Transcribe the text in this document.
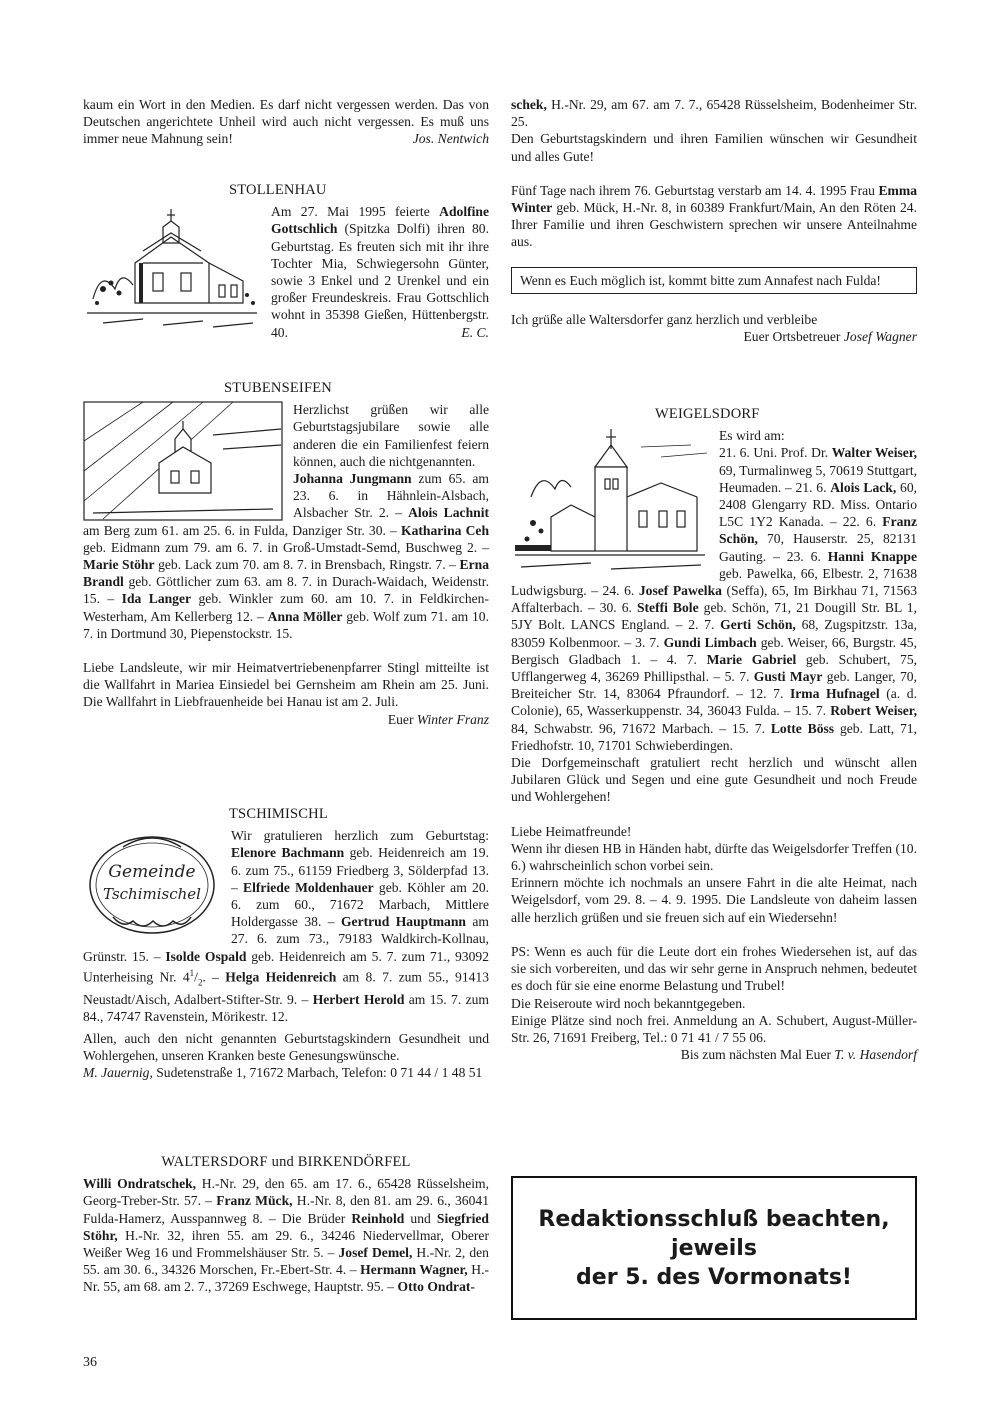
kaum ein Wort in den Medien. Es darf nicht vergessen werden. Das von Deutschen angerichtete Unheil wird auch nicht vergessen. Es muß uns immer neue Mahnung sein!	Jos. Nentwich

STOLLENHAU

Am 27. Mai 1995 feierte Adolfine Gottschlich (Spitzka Dolfi) ihren 80. Geburtstag. Es freuten sich mit ihr ihre Tochter Mia, Schwiegersohn Günter, sowie 3 Enkel und 2 Urenkel und ein großer Freundeskreis. Frau Gottschlich wohnt in 35398 Gießen, Hüttenbergstr. 40.	E. C.

STUBENSEIFEN

Herzlichst grüßen wir alle Geburtstagsjubilare sowie alle anderen die ein Familienfest feiern können, auch die nichtgenannten.
Johanna Jungmann zum 65. am 23. 6. in Hähnlein-Alsbach, Alsbacher Str. 2. – Alois Lachnit am Berg zum 61. am 25. 6. in Fulda, Danziger Str. 30. – Katharina Ceh geb. Eidmann zum 79. am 6. 7. in Groß-Umstadt-Semd, Buschweg 2. – Marie Stöhr geb. Lack zum 70. am 8. 7. in Brensbach, Ringstr. 7. – Erna Brandl geb. Göttlicher zum 63. am 8. 7. in Durach-Waidach, Weidenstr. 15. – Ida Langer geb. Winkler zum 60. am 10. 7. in Feldkirchen-Westerham, Am Kellerberg 12. – Anna Möller geb. Wolf zum 71. am 10. 7. in Dortmund 30, Piepenstockstr. 15.

Liebe Landsleute, wir mir Heimatvertriebenenpfarrer Stingl mitteilte ist die Wallfahrt in Mariea Einsiedel bei Gernsheim am Rhein am 25. Juni. Die Wallfahrt in Liebfrauenheide bei Hanau ist am 2. Juli.
Euer Winter Franz

TSCHIMISCHL
Gemeinde
Tschimischel

Wir gratulieren herzlich zum Geburtstag: Elenore Bachmann geb. Heidenreich am 19. 6. zum 75., 61159 Friedberg 3, Sölderpfad 13. – Elfriede Moldenhauer geb. Köhler am 20. 6. zum 60., 71672 Marbach, Mittlere Holdergasse 38. – Gertrud Hauptmann am 27. 6. zum 73., 79183 Waldkirch-Kollnau, Grünstr. 15. – Isolde Ospald geb. Heidenreich am 5. 7. zum 71., 93092 Unterheising Nr. $4^1/_2$. – Helga Heidenreich am 8. 7. zum 55., 91413 Neustadt/Aisch, Adalbert-Stifter-Str. 9. – Herbert Herold am 15. 7. zum 84., 74747 Ravenstein, Mörikestr. 12.

Allen, auch den nicht genannten Geburtstagskindern Gesundheit und Wohlergehen, unseren Kranken beste Genesungswünsche.
M. Jauernig, Sudetenstraße 1, 71672 Marbach, Telefon: 0 71 44 / 1 48 51

WALTERSDORF und BIRKENDÖRFEL

Willi Ondratschek, H.-Nr. 29, den 65. am 17. 6., 65428 Rüsselsheim, Georg-Treber-Str. 57. – Franz Mück, H.-Nr. 8, den 81. am 29. 6., 36041 Fulda-Hamerz, Ausspannweg 8. – Die Brüder Reinhold und Siegfried Stöhr, H.-Nr. 32, ihren 55. am 29. 6., 34246 Niedervellmar, Oberer Weißer Weg 16 und Frommelshäuser Str. 5. – Josef Demel, H.-Nr. 2, den 55. am 30. 6., 34326 Morschen, Fr.-Ebert-Str. 4. – Hermann Wagner, H.-Nr. 55, am 68. am 2. 7., 37269 Eschwege, Hauptstr. 95. – Otto Ondrat-

36

schek, H.-Nr. 29, am 67. am 7. 7., 65428 Rüsselsheim, Bodenheimer Str. 25.
Den Geburtstagskindern und ihren Familien wünschen wir Gesundheit und alles Gute!

Fünf Tage nach ihrem 76. Geburtstag verstarb am 14. 4. 1995 Frau Emma Winter geb. Mück, H.-Nr. 8, in 60389 Frankfurt/Main, An den Röten 24. Ihrer Familie und ihren Geschwistern sprechen wir unsere Anteilnahme aus.

Wenn es Euch möglich ist, kommt bitte zum Annafest nach Fulda!

Ich grüße alle Waltersdorfer ganz herzlich und verbleibe

Euer Ortsbetreuer Josef Wagner

WEIGELSDORF

Es wird am:
21. 6. Uni. Prof. Dr. Walter Weiser, 69, Turmalinweg 5, 70619 Stuttgart, Heumaden. – 21. 6. Alois Lack, 60, 2408 Glengarry RD. Miss. Ontario L5C 1Y2 Kanada. – 22. 6. Franz Schön, 70, Hauserstr. 25, 82131 Gauting. – 23. 6. Hanni Knappe geb. Pawelka, 66, Elbestr. 2, 71638 Ludwigsburg. – 24. 6. Josef Pawelka (Seffa), 65, Im Birkhau 71, 71563 Affalterbach. – 30. 6. Steffi Bole geb. Schön, 71, 21 Dougill Str. BL 1, 5JY Bolt. LANCS England. – 2. 7. Gerti Schön, 68, Zugspitzstr. 13a, 83059 Kolbenmoor. – 3. 7. Gundi Limbach geb. Weiser, 66, Burgstr. 45, Bergisch Gladbach 1. – 4. 7. Marie Gabriel geb. Schubert, 75, Ufflangerweg 4, 36269 Phillipsthal. – 5. 7. Gusti Mayr geb. Langer, 70, Breiteicher Str. 14, 83064 Pfraundorf. – 12. 7. Irma Hufnagel (a. d. Colonie), 65, Wasserkuppenstr. 34, 36043 Fulda. – 15. 7. Robert Weiser, 84, Schwabstr. 96, 71672 Marbach. – 15. 7. Lotte Böss geb. Latt, 71, Friedhofstr. 10, 71701 Schwieberdingen.
Die Dorfgemeinschaft gratuliert recht herzlich und wünscht allen Jubilaren Glück und Segen und eine gute Gesundheit und noch Freude und Wohlergehen!

Liebe Heimatfreunde!

Wenn ihr diesen HB in Händen habt, dürfte das Weigelsdorfer Treffen (10. 6.) wahrscheinlich schon vorbei sein.
Erinnern möchte ich nochmals an unsere Fahrt in die alte Heimat, nach Weigelsdorf, vom 29. 8. – 4. 9. 1995. Die Landsleute von daheim lassen alle herzlich grüßen und sie freuen sich auf ein Wiedersehn!

PS: Wenn es auch für die Leute dort ein frohes Wiedersehen ist, auf das sie sich vorbereiten, und das wir sehr gerne in Anspruch nehmen, bedeutet es doch für sie eine enorme Belastung und Trubel!
Die Reiseroute wird noch bekanntgegeben.
Einige Plätze sind noch frei. Anmeldung an A. Schubert, August-Müller-Str. 26, 71691 Freiberg, Tel.: 0 71 41 / 7 55 06.

Bis zum nächsten Mal Euer T. v. Hasendorf

Redaktionsschluß beachten,
jeweils
der 5. des Vormonats!
